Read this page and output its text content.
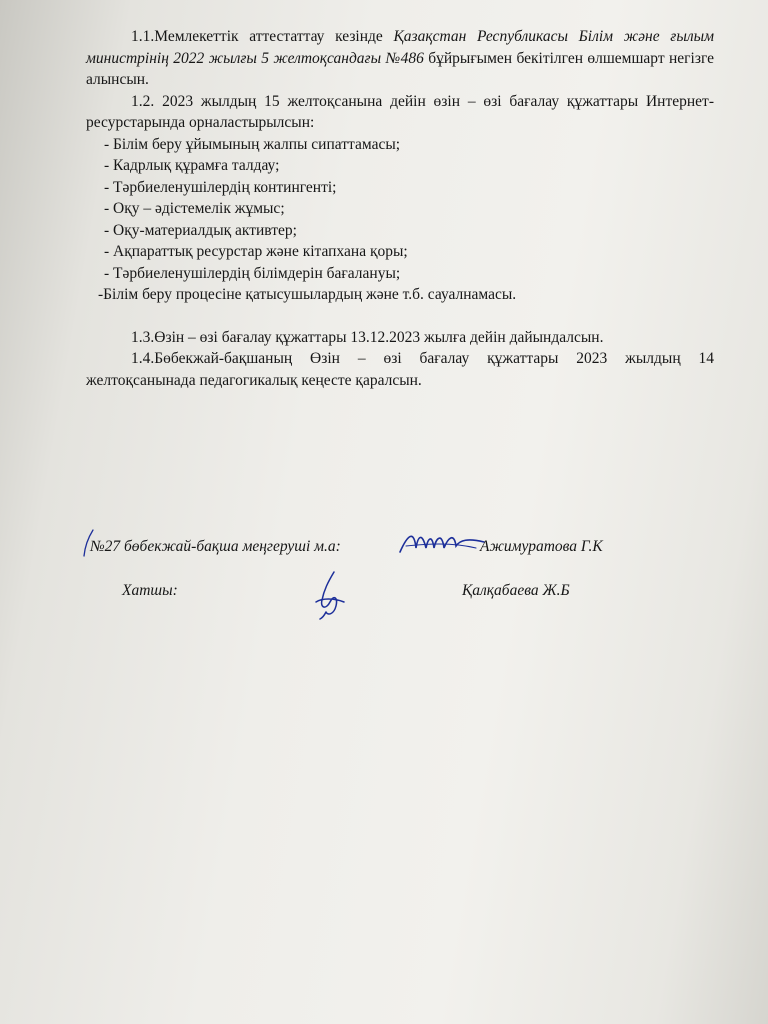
1.1.Мемлекеттік аттестаттау кезінде Қазақстан Республикасы Білім және ғылым министрінің 2022 жылғы 5 желтоқсандағы №486 бұйрығымен бекітілген өлшемшарт негізге алынсын.

1.2. 2023 жылдың 15 желтоқсанына дейін өзін – өзі бағалау құжаттары Интернет-ресурстарында орналастырылсын:

- Білім беру ұйымының жалпы сипаттамасы;
- Кадрлық құрамға талдау;
- Тәрбиеленушілердің контингенті;
- Оқу – әдістемелік жұмыс;
- Оқу-материалдық активтер;
- Ақпараттық ресурстар және кітапхана қоры;
- Тәрбиеленушілердің білімдерін бағалануы;
-Білім беру процесіне қатысушылардың және т.б. сауалнамасы.

1.3.Өзін – өзі бағалау құжаттары 13.12.2023 жылға дейін дайындалсын.

1.4.Бөбекжай-бақшаның Өзін – өзі бағалау құжаттары 2023 жылдың 14 желтоқсанынада педагогикалық кеңесте қаралсын.

№27 бөбекжай-бақша меңгеруші м.а:	Ажимуратова Г.К
Хатшы:	Қалқабаева Ж.Б
